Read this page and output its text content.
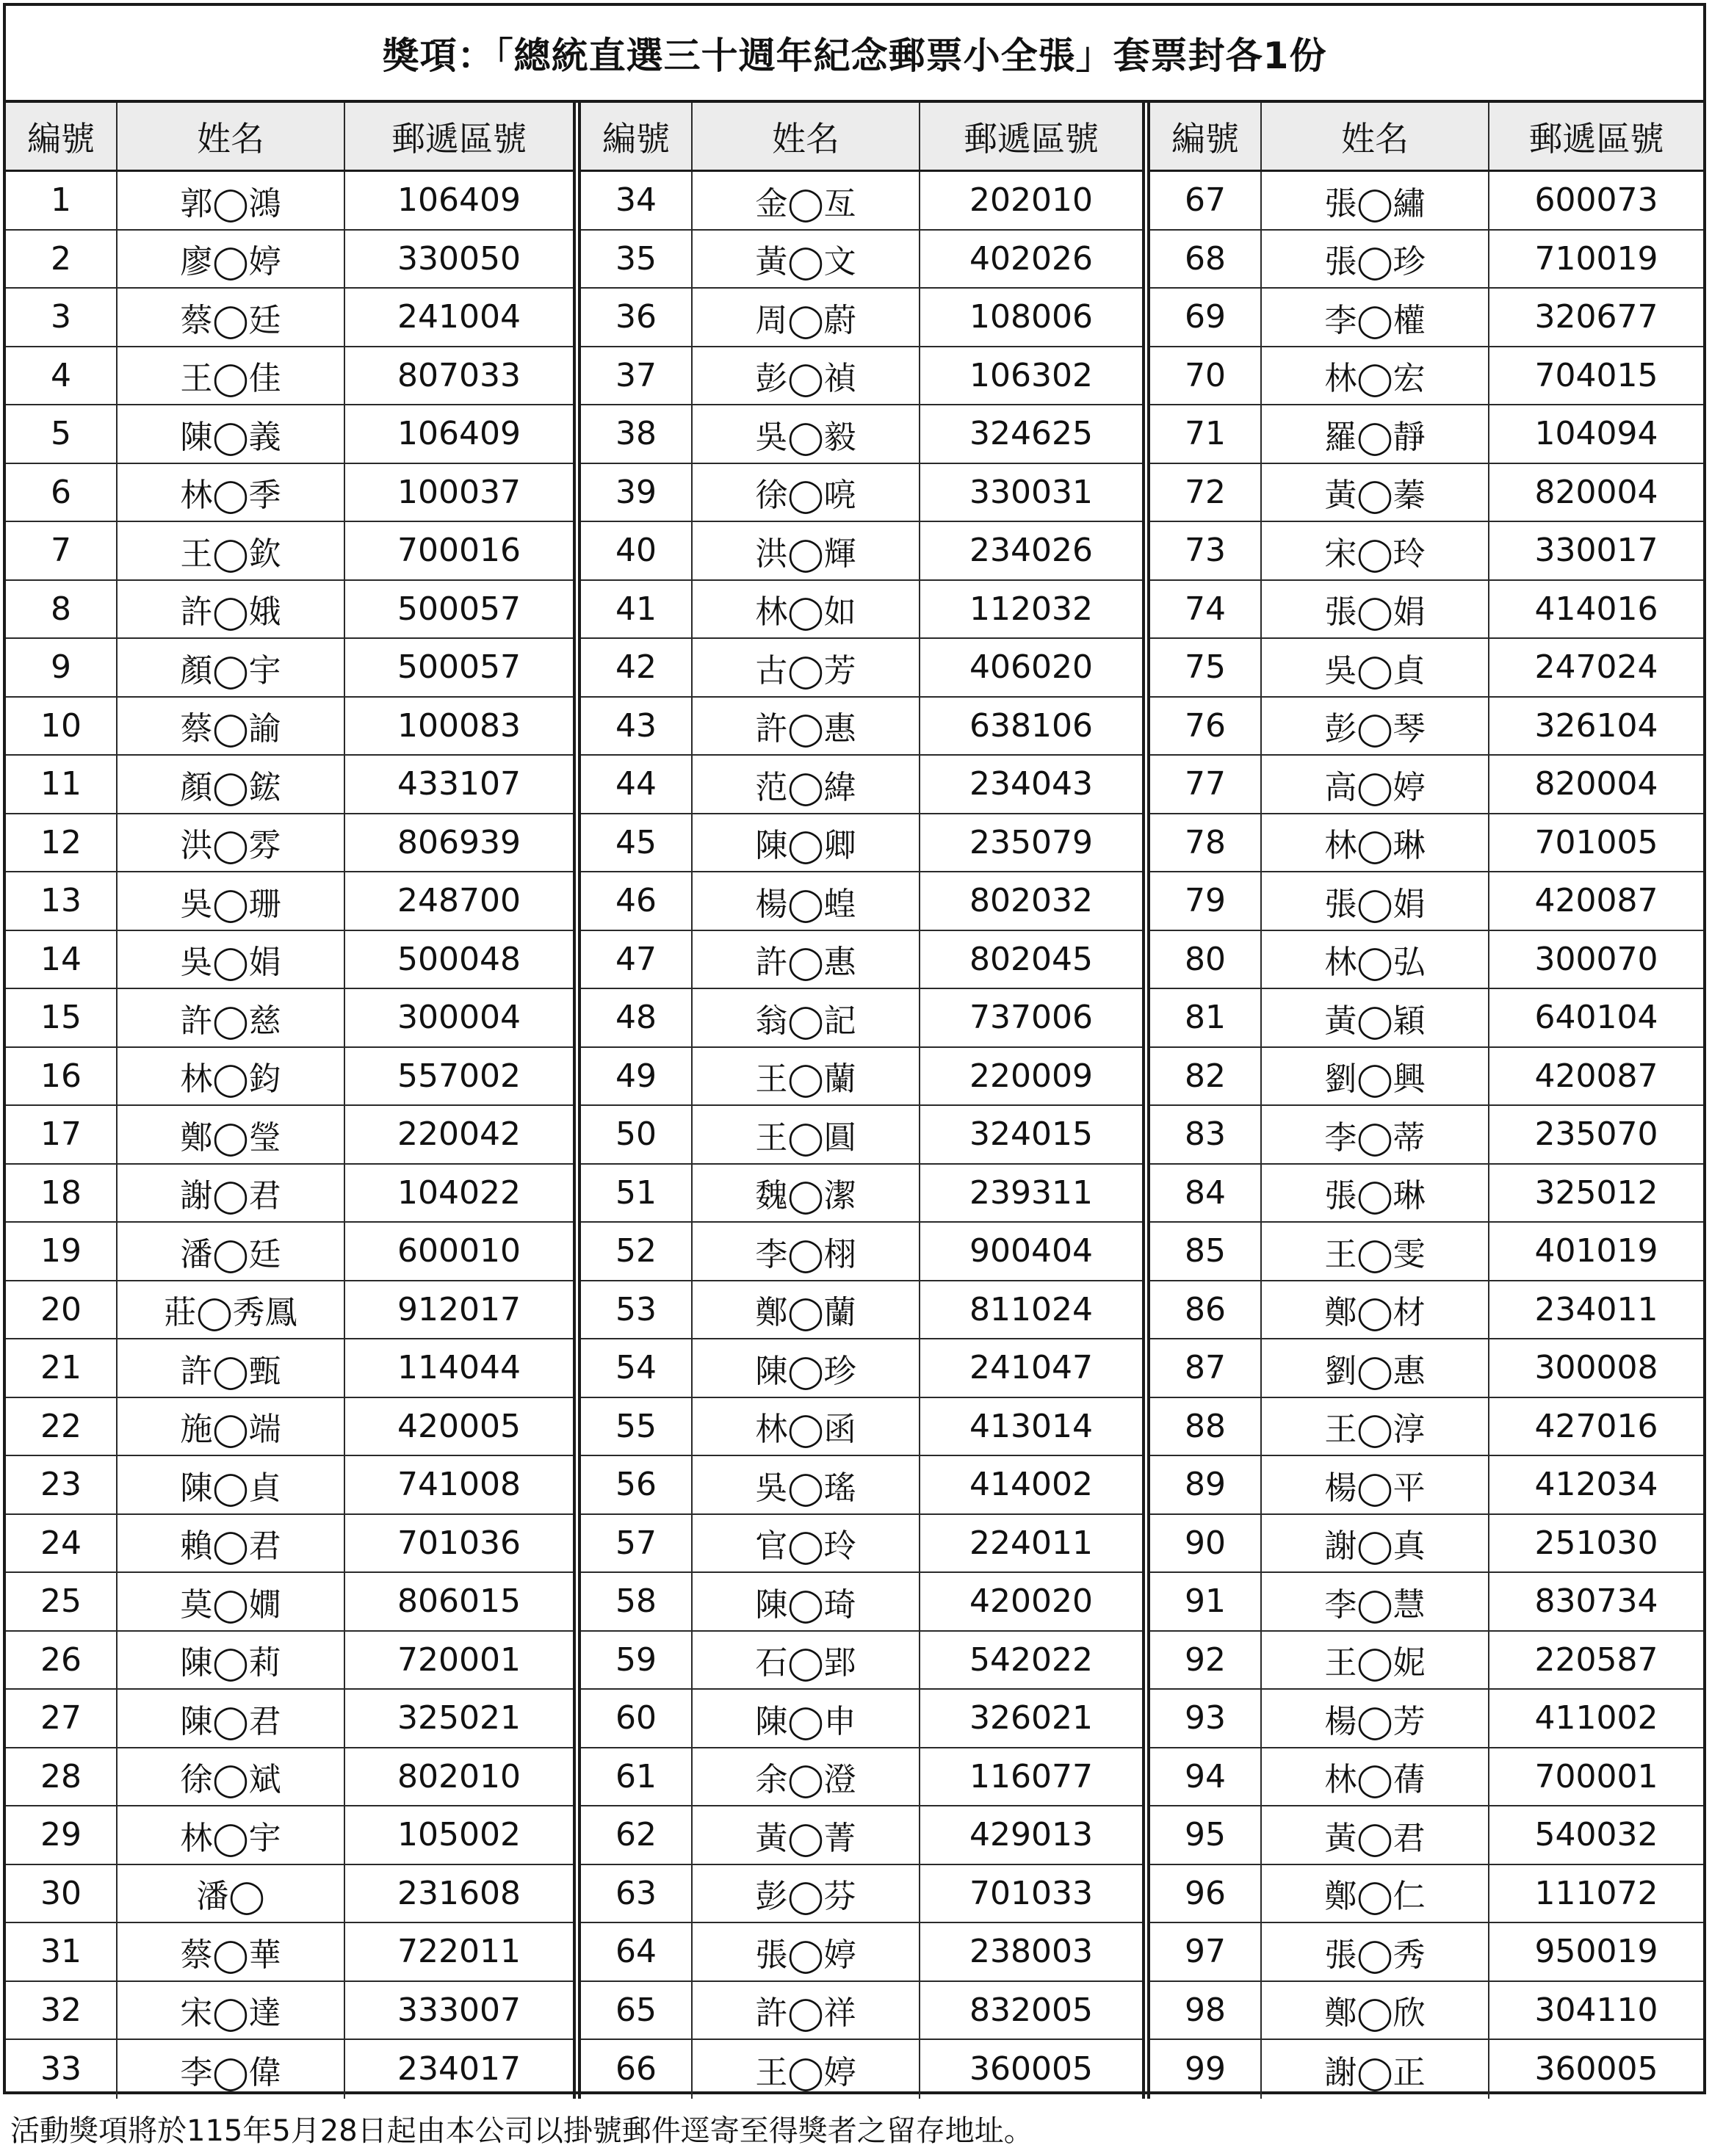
獎項：「總統直選三十週年紀念郵票小全張」套票封各1份
編號	姓名	郵遞區號
1	郭◯鴻	106409
2	廖◯婷	330050
3	蔡◯廷	241004
4	王◯佳	807033
5	陳◯義	106409
6	林◯季	100037
7	王◯欽	700016
8	許◯娥	500057
9	顏◯宇	500057
10	蔡◯諭	100083
11	顏◯鋐	433107
12	洪◯雰	806939
13	吳◯珊	248700
14	吳◯娟	500048
15	許◯慈	300004
16	林◯鈞	557002
17	鄭◯瑩	220042
18	謝◯君	104022
19	潘◯廷	600010
20	莊◯秀鳳	912017
21	許◯甄	114044
22	施◯端	420005
23	陳◯貞	741008
24	賴◯君	701036
25	莫◯嫺	806015
26	陳◯莉	720001
27	陳◯君	325021
28	徐◯斌	802010
29	林◯宇	105002
30	潘◯	231608
31	蔡◯華	722011
32	宋◯達	333007
33	李◯偉	234017
編號	姓名	郵遞區號
34	金◯亙	202010
35	黃◯文	402026
36	周◯蔚	108006
37	彭◯禎	106302
38	吳◯毅	324625
39	徐◯喨	330031
40	洪◯輝	234026
41	林◯如	112032
42	古◯芳	406020
43	許◯惠	638106
44	范◯緯	234043
45	陳◯卿	235079
46	楊◯蝗	802032
47	許◯惠	802045
48	翁◯記	737006
49	王◯蘭	220009
50	王◯圓	324015
51	魏◯潔	239311
52	李◯栩	900404
53	鄭◯蘭	811024
54	陳◯珍	241047
55	林◯函	413014
56	吳◯瑤	414002
57	官◯玲	224011
58	陳◯琦	420020
59	石◯郢	542022
60	陳◯申	326021
61	余◯澄	116077
62	黃◯菁	429013
63	彭◯芬	701033
64	張◯婷	238003
65	許◯祥	832005
66	王◯婷	360005
編號	姓名	郵遞區號
67	張◯繡	600073
68	張◯珍	710019
69	李◯權	320677
70	林◯宏	704015
71	羅◯靜	104094
72	黃◯蓁	820004
73	宋◯玲	330017
74	張◯娟	414016
75	吳◯貞	247024
76	彭◯琴	326104
77	高◯婷	820004
78	林◯琳	701005
79	張◯娟	420087
80	林◯弘	300070
81	黃◯穎	640104
82	劉◯興	420087
83	李◯蒂	235070
84	張◯琳	325012
85	王◯雯	401019
86	鄭◯材	234011
87	劉◯惠	300008
88	王◯淳	427016
89	楊◯平	412034
90	謝◯真	251030
91	李◯慧	830734
92	王◯妮	220587
93	楊◯芳	411002
94	林◯蒨	700001
95	黃◯君	540032
96	鄭◯仁	111072
97	張◯秀	950019
98	鄭◯欣	304110
99	謝◯正	360005
活動獎項將於115年5月28日起由本公司以掛號郵件逕寄至得獎者之留存地址。
